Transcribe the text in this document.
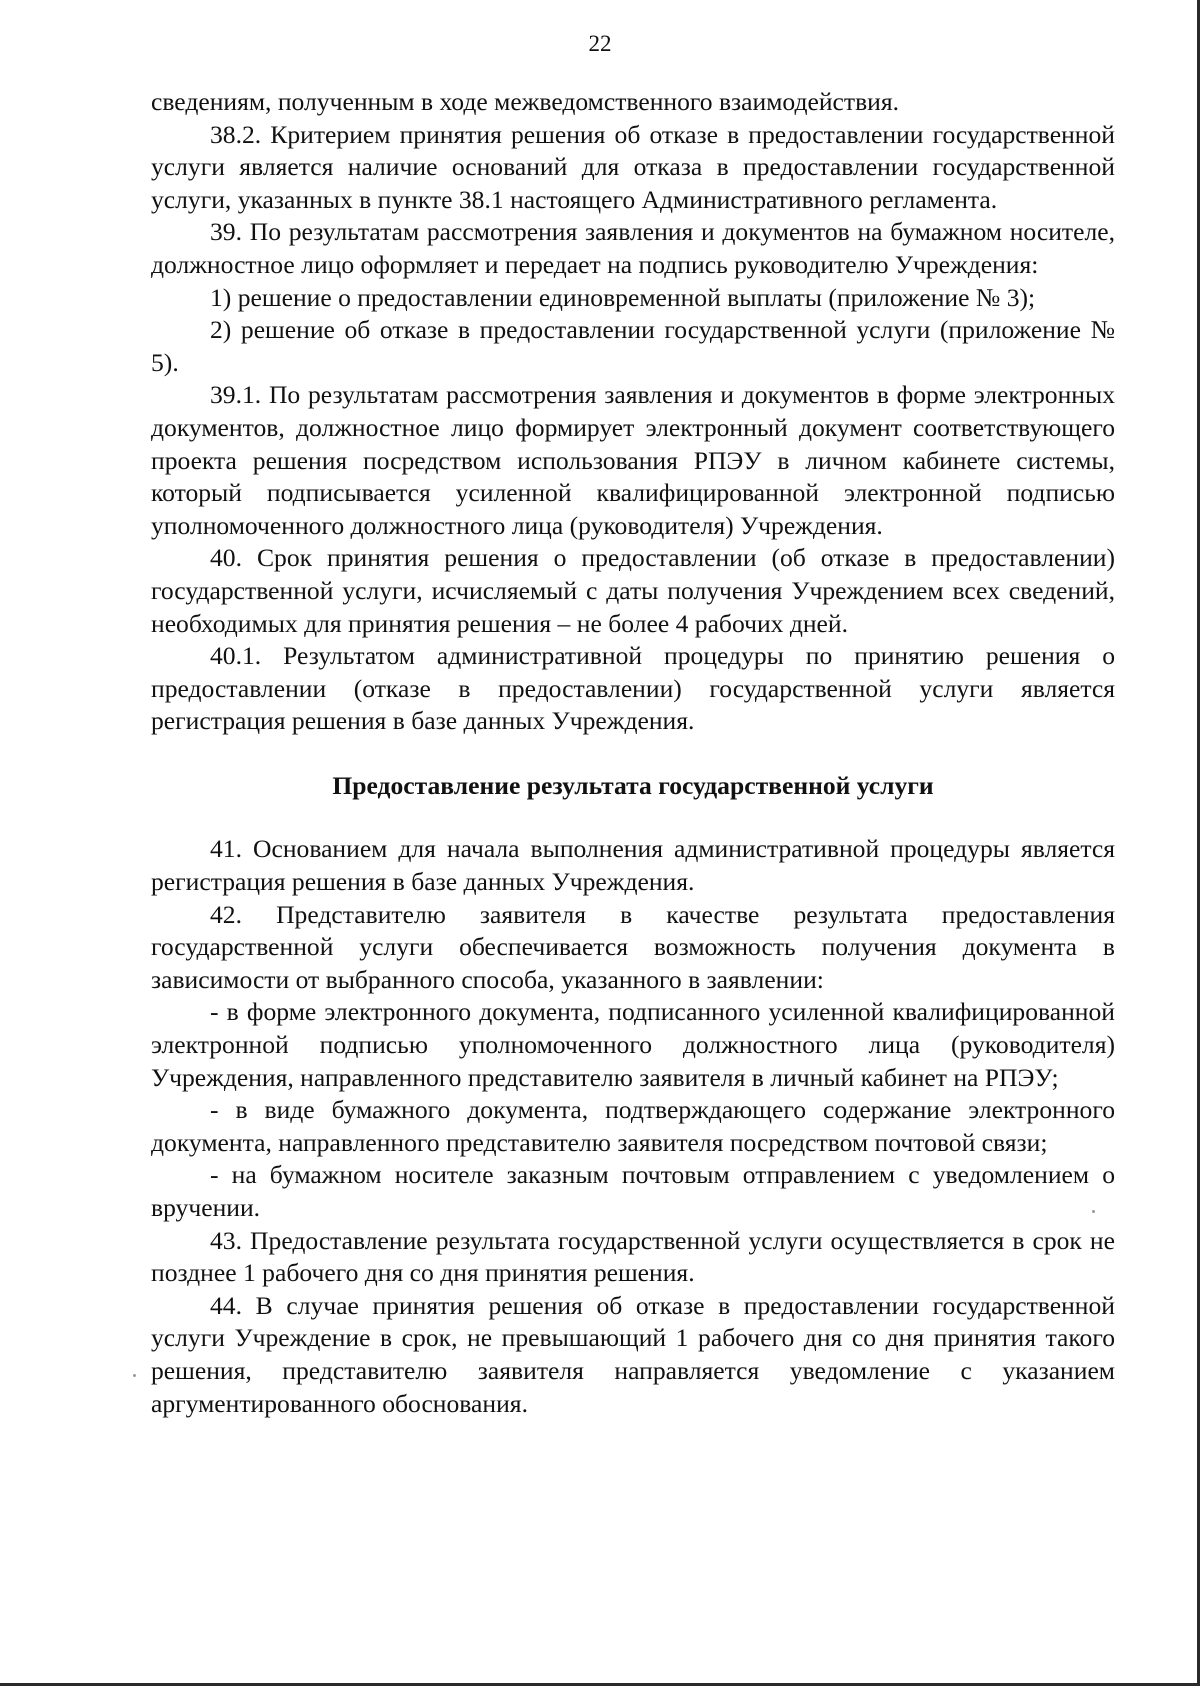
22

сведениям, полученным в ходе межведомственного взаимодействия.

38.2. Критерием принятия решения об отказе в предоставлении государственной услуги является наличие оснований для отказа в предоставлении государственной услуги, указанных в пункте 38.1 настоящего Административного регламента.

39. По результатам рассмотрения заявления и документов на бумажном носителе, должностное лицо оформляет и передает на подпись руководителю Учреждения:

1) решение о предоставлении единовременной выплаты (приложение № 3);

2) решение об отказе в предоставлении государственной услуги (приложение № 5).

39.1. По результатам рассмотрения заявления и документов в форме электронных документов, должностное лицо формирует электронный документ соответствующего проекта решения посредством использования РПЭУ в личном кабинете системы, который подписывается усиленной квалифицированной электронной подписью уполномоченного должностного лица (руководителя) Учреждения.

40. Срок принятия решения о предоставлении (об отказе в предоставлении) государственной услуги, исчисляемый с даты получения Учреждением всех сведений, необходимых для принятия решения – не более 4 рабочих дней.

40.1. Результатом административной процедуры по принятию решения о предоставлении (отказе в предоставлении) государственной услуги является регистрация решения в базе данных Учреждения.

Предоставление результата государственной услуги

41. Основанием для начала выполнения административной процедуры является регистрация решения в базе данных Учреждения.

42. Представителю заявителя в качестве результата предоставления государственной услуги обеспечивается возможность получения документа в зависимости от выбранного способа, указанного в заявлении:

- в форме электронного документа, подписанного усиленной квалифицированной электронной подписью уполномоченного должностного лица (руководителя) Учреждения, направленного представителю заявителя в личный кабинет на РПЭУ;

- в виде бумажного документа, подтверждающего содержание электронного документа, направленного представителю заявителя посредством почтовой связи;

- на бумажном носителе заказным почтовым отправлением с уведомлением о вручении.

43. Предоставление результата государственной услуги осуществляется в срок не позднее 1 рабочего дня со дня принятия решения.

44. В случае принятия решения об отказе в предоставлении государственной услуги Учреждение в срок, не превышающий 1 рабочего дня со дня принятия такого решения, представителю заявителя направляется уведомление с указанием аргументированного обоснования.
